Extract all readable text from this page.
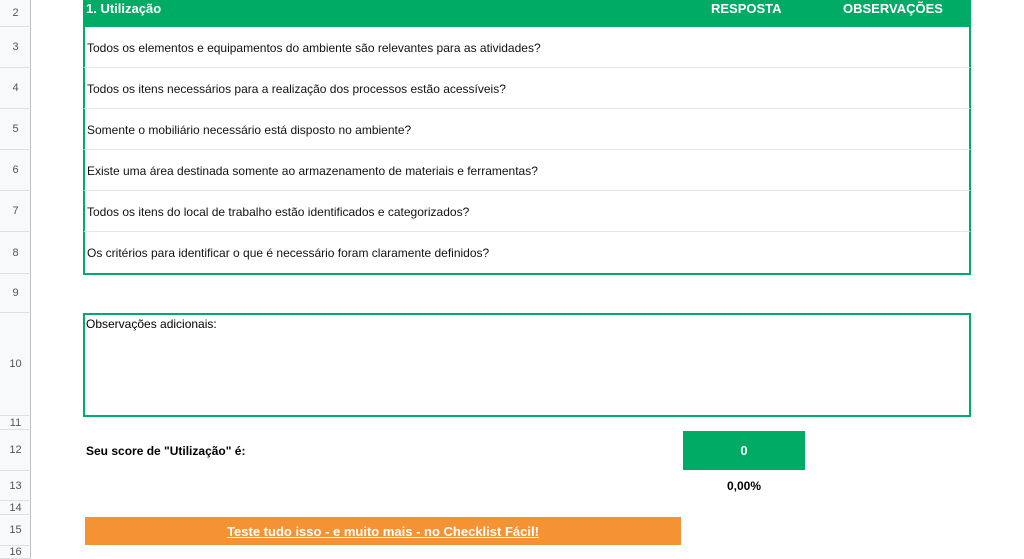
2
3
4
5
6
7
8
9
10
11
12
13
14
15
16
1. Utilização	RESPOSTA	OBSERVAÇÕES
Todos os elementos e equipamentos do ambiente são relevantes para as atividades?
Todos os itens necessários para a realização dos processos estão acessíveis?
Somente o mobiliário necessário está disposto no ambiente?
Existe uma área destinada somente ao armazenamento de materiais e ferramentas?
Todos os itens do local de trabalho estão identificados e categorizados?
Os critérios para identificar o que é necessário foram claramente definidos?
Observações adicionais:
Seu score de "Utilização" é:	0
0,00%
Teste tudo isso - e muito mais - no Checklist Fácil!
